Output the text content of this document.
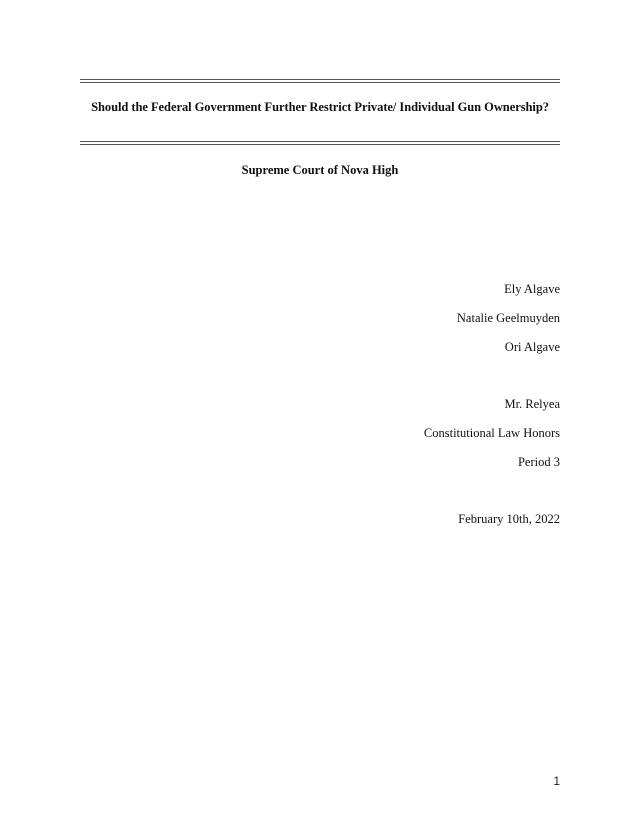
Should the Federal Government Further Restrict Private/ Individual Gun Ownership?
Supreme Court of Nova High
Ely Algave
Natalie Geelmuyden
Ori Algave
Mr. Relyea
Constitutional Law Honors
Period 3
February 10th, 2022
1
